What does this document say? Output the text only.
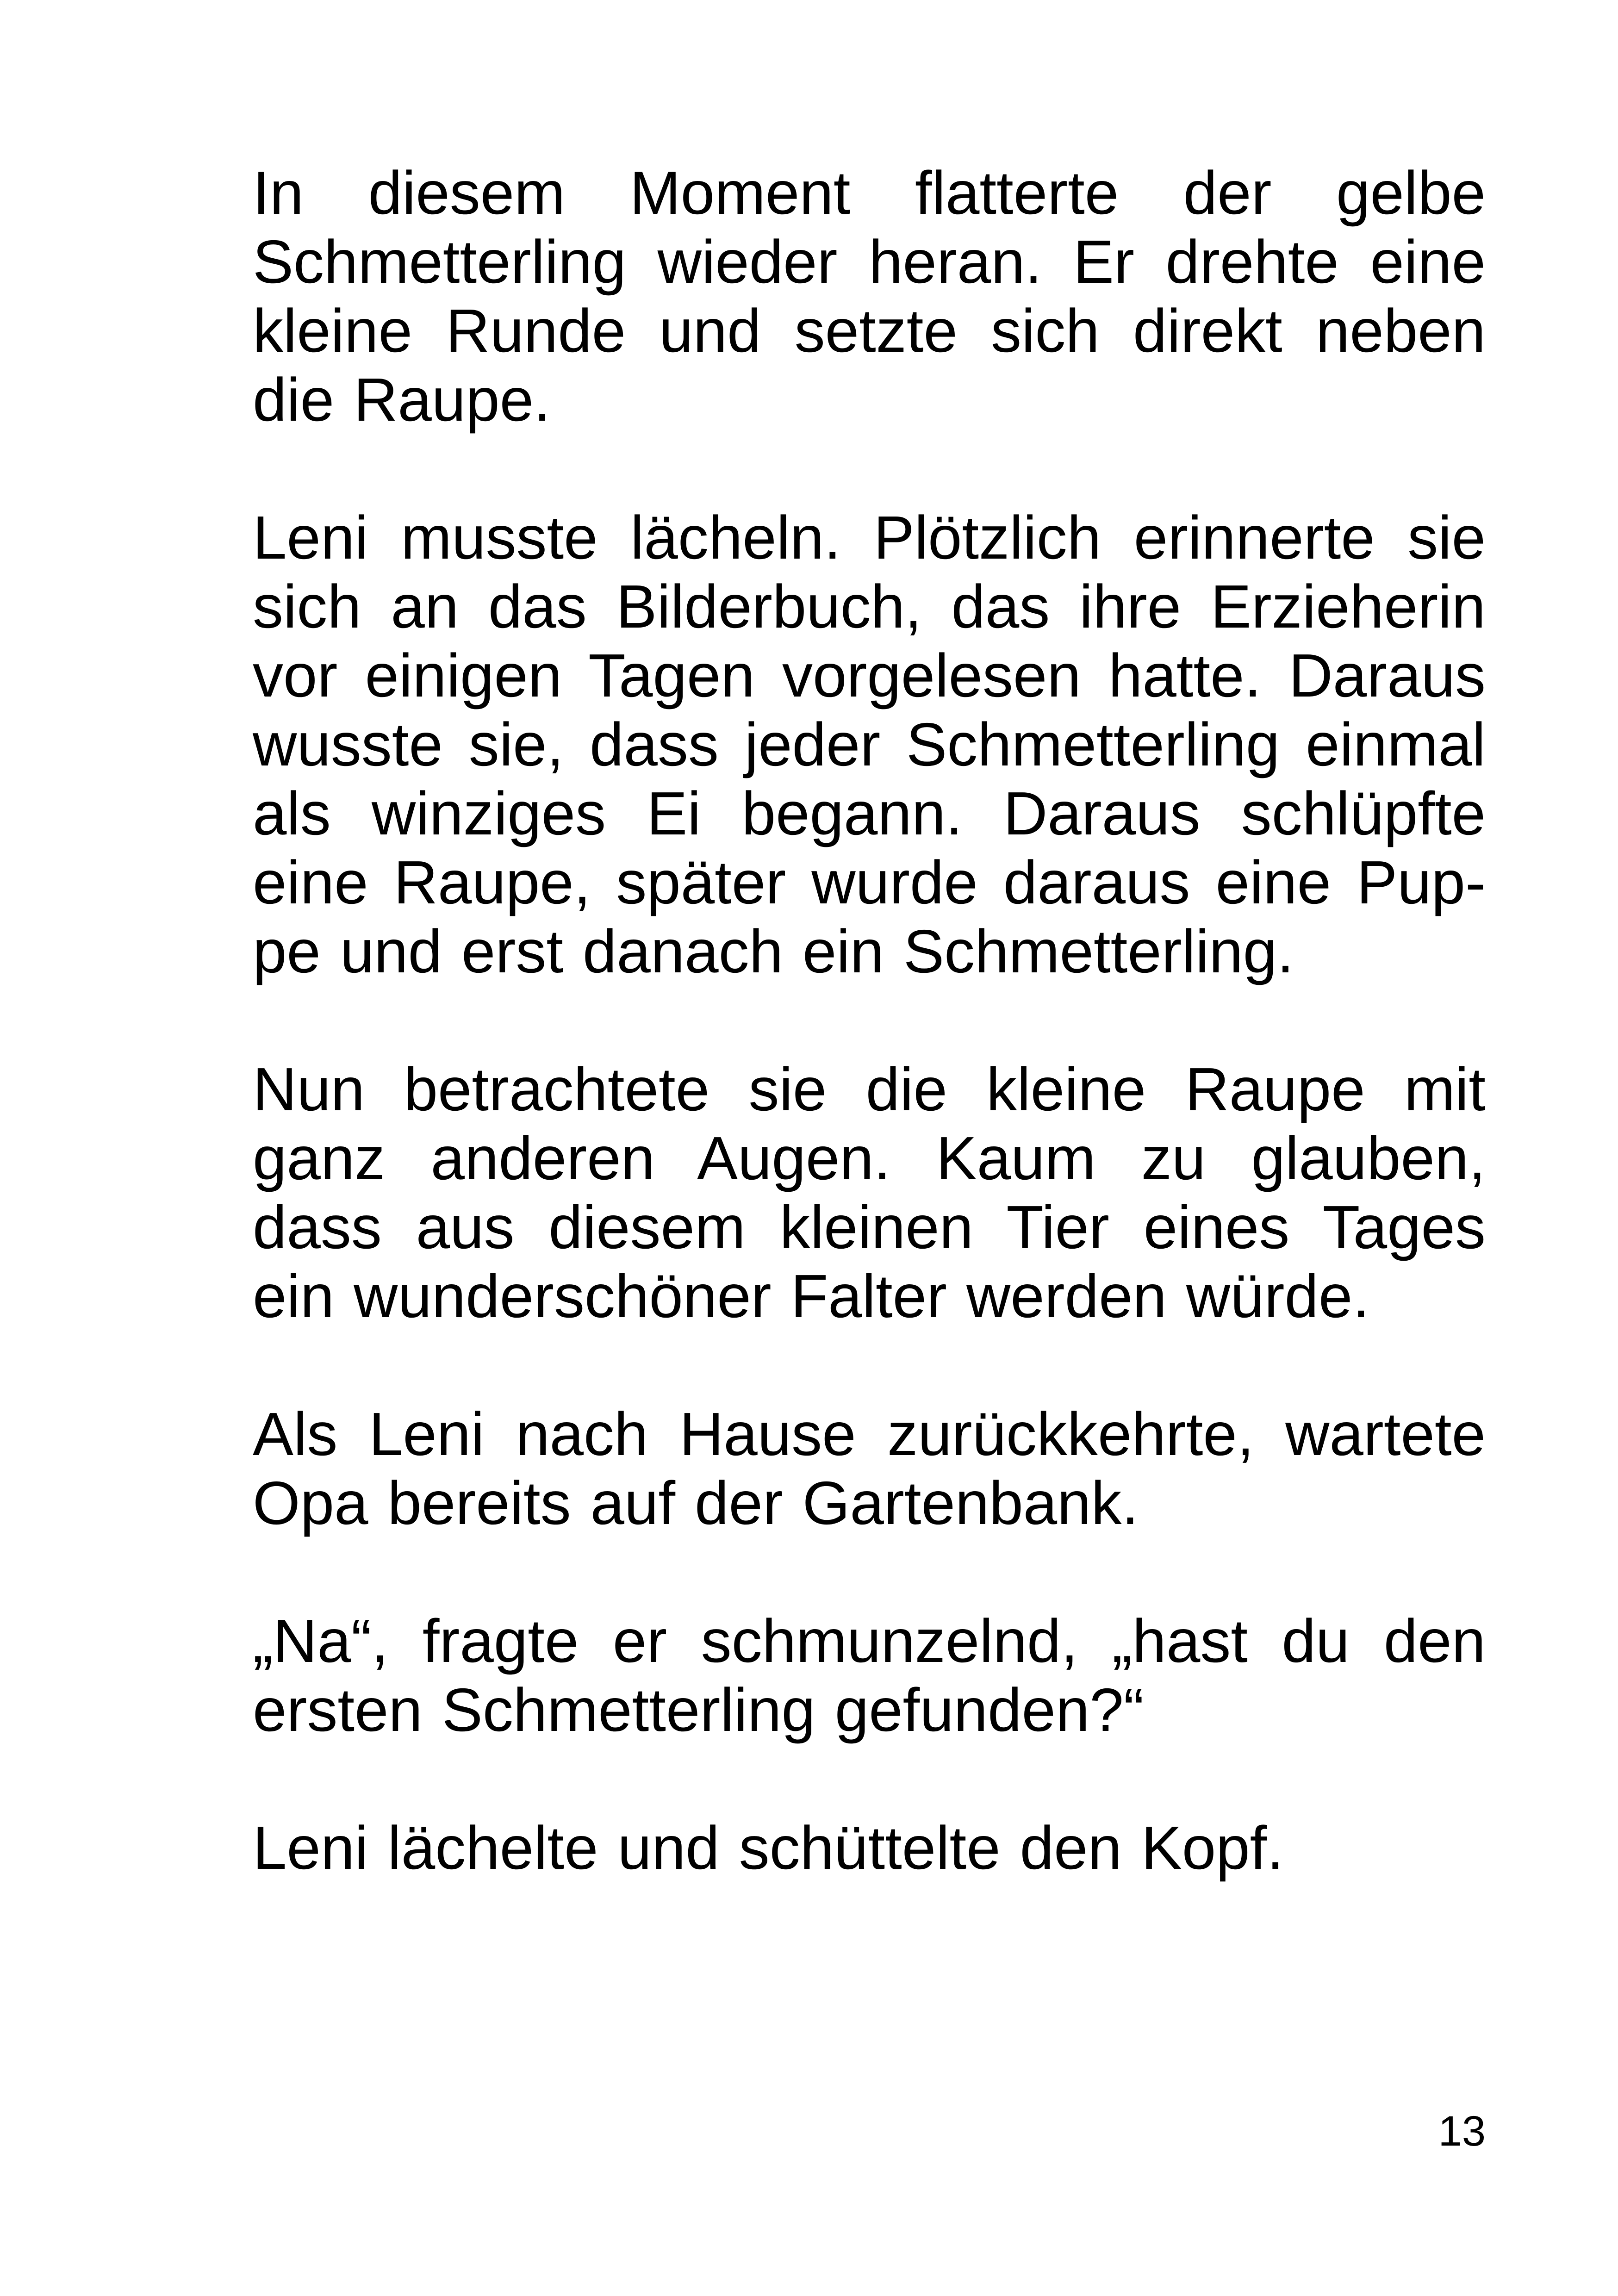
In diesem Moment flatterte der gelbe
Schmetterling wieder heran. Er drehte eine
kleine Runde und setzte sich direkt neben
die Raupe.

Leni musste lächeln. Plötzlich erinnerte sie
sich an das Bilderbuch, das ihre Erzieherin
vor einigen Tagen vorgelesen hatte. Daraus
wusste sie, dass jeder Schmetterling einmal
als winziges Ei begann. Daraus schlüpfte
eine Raupe, später wurde daraus eine Pup-
pe und erst danach ein Schmetterling.

Nun betrachtete sie die kleine Raupe mit
ganz anderen Augen. Kaum zu glauben,
dass aus diesem kleinen Tier eines Tages
ein wunderschöner Falter werden würde.

Als Leni nach Hause zurückkehrte, wartete
Opa bereits auf der Gartenbank.

„Na“, fragte er schmunzelnd, „hast du den
ersten Schmetterling gefunden?“

Leni lächelte und schüttelte den Kopf.

13
